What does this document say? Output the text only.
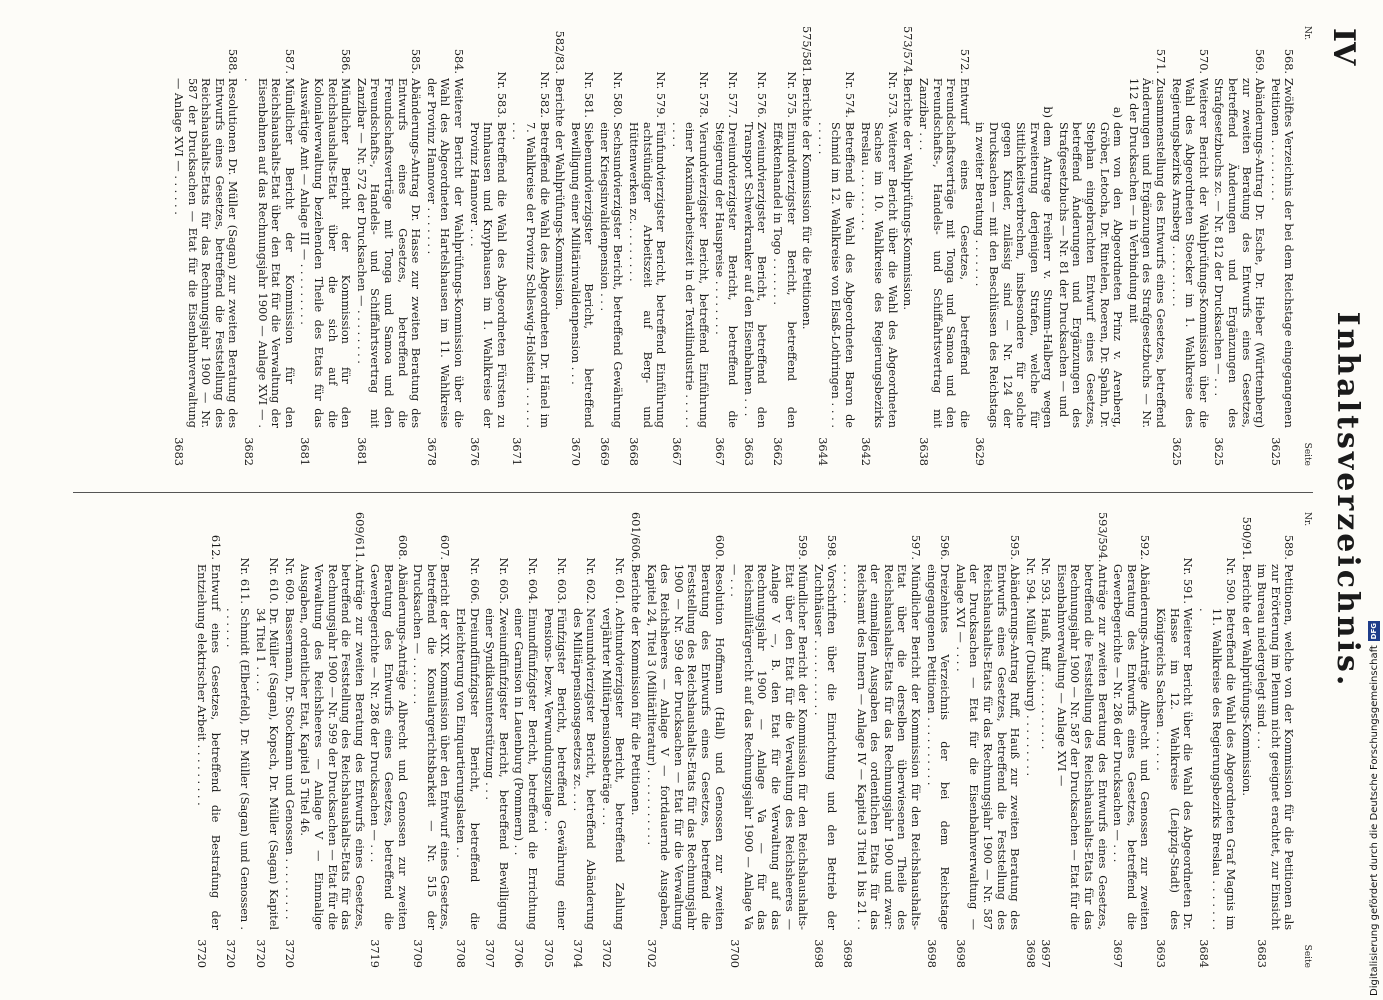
IV
Inhaltsverzeichnis.
Nr.
Seite
568.
Zwölftes Verzeichnis der bei dem Reichstage eingegangenen Petitionen . . . . . . . . .
3625
569.
Abänderungs-Antrag Dr. Esche, Dr. Hieber (Württemberg) zur zweiten Beratung des Entwurfs eines Gesetzes, betreffend Änderungen und Ergänzungen des Strafgesetzbuchs zc. — Nr. 812 der Drucksachen — . . .
3625
570.
Weiterer Bericht der Wahlprüfungs-Kommission über die Wahl des Abgeordneten Stoecker im 1. Wahlkreise des Regierungsbezirks Arnsberg . . . . . . . . .
3625
571.
Zusammenstellung des Entwurfs eines Gesetzes, betreffend Änderungen und Ergänzungen des Strafgesetzbuchs — Nr. 112 der Drucksachen — in Verbindung mit
a)
dem von den Abgeordneten Prinz v. Arenberg, Gröber, Letocha, Dr. Rintelen, Roeren, Dr. Spahn, Dr. Stephan eingebrachten Entwurf eines Gesetzes, betreffend Änderungen und Ergänzungen des Strafgesetzbuchs — Nr. 81 der Drucksachen — und
b)
dem Antrage Freiherr v. Stumm-Halberg wegen Erweiterung derjenigen Strafen, welche für Sittlichkeitsverbrechen, insbesondere für solche gegen Kinder, zulässig sind — Nr. 124 der Drucksachen — mit den Beschlüssen des Reichstags in zweiter Beratung . . . . . . .
3629
572.
Entwurf eines Gesetzes, betreffend die Freundschaftsverträge mit Tonga und Samoa und den Freundschafts-, Handels- und Schiffahrtsvertrag mit Zanzibar . . .
3638
573/574.
Berichte der Wahlprüfungs-Kommission.
Nr. 573.
Weiterer Bericht über die Wahl des Abgeordneten Sachse im 10. Wahlkreise des Regierungsbezirks Breslau . . . . . . . . .
3642
Nr. 574.
Betreffend die Wahl des Abgeordneten Baron de Schmid im 12. Wahlkreise von Elsaß-Lothringen . . . . . . . . .
3644
575/581.
Berichte der Kommission für die Petitionen.
Nr. 575.
Einundvierzigster Bericht, betreffend den Effektenhandel in Togo . . . . . . .
3662
Nr. 576.
Zweiundvierzigster Bericht, betreffend den Transport Schwerkranker auf den Eisenbahnen . . .
3663
Nr. 577.
Dreiundvierzigster Bericht, betreffend die Steigerung der Hauspreise . . . . . . . .
3667
Nr. 578.
Vierundvierzigster Bericht, betreffend Einführung einer Maximalarbeitszeit in der Textilindustrie . . . . . . . . .
3667
Nr. 579.
Fünfundvierzigster Bericht, betreffend Einführung achtstündiger Arbeitszeit auf Berg- und Hüttenwerken zc. . . . . . . . .
3668
Nr. 580.
Sechsundvierzigster Bericht, betreffend Gewährung einer Kriegsinvalidenpension . . .
3669
Nr. 581.
Siebenundvierzigster Bericht, betreffend Bewilligung einer Militärinvalidenpension . . .
3670
582/83.
Berichte der Wahlprüfungs-Kommission.
Nr. 582.
Betreffend die Wahl des Abgeordneten Dr. Hänel im 7. Wahlkreise der Provinz Schleswig-Holstein . . . . . . . . .
3671
Nr. 583.
Betreffend die Wahl des Abgeordneten Fürsten zu Innhausen und Knyphausen im 1. Wahlkreise der Provinz Hannover . . .
3676
584.
Weiterer Bericht der Wahlprüfungs-Kommission über die Wahl des Abgeordneten Hartelshausen im 11. Wahlkreise der Provinz Hannover . . . . . . .
3678
585.
Abänderungs-Antrag Dr. Hasse zur zweiten Beratung des Entwurfs eines Gesetzes, betreffend die Freundschaftsverträge mit Tonga und Samoa und den Freundschafts-, Handels- und Schiffahrtsvertrag mit Zanzibar — Nr. 572 der Drucksachen — . . . . . . . .
3681
586.
Mündlicher Bericht der Kommission für den Reichshaushalts-Etat über die sich auf die Kolonialverwaltung beziehenden Theile des Etats für das Auswärtige Amt — Anlage III — . . . . . . . . .
3681
587.
Mündlicher Bericht der Kommission für den Reichshaushalts-Etat über den Etat für die Verwaltung der Eisenbahnen auf das Rechnungsjahr 1900 — Anlage XVI — . .
3682
588.
Resolutionen Dr. Müller (Sagan) zur zweiten Beratung des Entwurfs eines Gesetzes, betreffend die Feststellung des Reichshaushalts-Etats für das Rechnungsjahr 1900 — Nr. 587 der Drucksachen — Etat für die Eisenbahnverwaltung — Anlage XVI — . . . . . .
3683
Nr.
Seite
589.
Petitionen, welche von der Kommission für die Petitionen als zur Erörterung im Plenum nicht geeignet erachtet, zur Einsicht im Bureau niedergelegt sind . . .
3683
590/91.
Berichte der Wahlprüfungs-Kommission.
Nr. 590.
Betreffend die Wahl des Abgeordneten Graf Magnis im 11. Wahlkreise des Regierungsbezirks Breslau . . . . . . . .
3684
Nr. 591.
Weiterer Bericht über die Wahl des Abgeordneten Dr. Hasse im 12. Wahlkreise (Leipzig-Stadt) des Königreichs Sachsen . . . . . .
3693
592.
Abänderungs-Anträge Albrecht und Genossen zur zweiten Beratung des Entwurfs eines Gesetzes, betreffend die Gewerbegerichte — Nr. 286 der Drucksachen — . . .
3697
593/594.
Anträge zur zweiten Beratung des Entwurfs eines Gesetzes, betreffend die Feststellung des Reichshaushalts-Etats für das Rechnungsjahr 1900 — Nr. 587 der Drucksachen — Etat für die Eisenbahnverwaltung — Anlage XVI —
Nr. 593.
Hauß, Ruff . . . . . . . . . . .
3697
Nr. 594.
Müller (Duisburg) . . . . . . . . .
3698
595.
Abänderungs-Antrag Ruff, Hauß zur zweiten Beratung des Entwurfs eines Gesetzes, betreffend die Feststellung des Reichshaushalts-Etats für das Rechnungsjahr 1900 — Nr. 587 der Drucksachen — Etat für die Eisenbahnverwaltung — Anlage XVI — . . . .
3698
596.
Dreizehntes Verzeichnis der bei dem Reichstage eingegangenen Petitionen . . . . . . . . . .
3698
597.
Mündlicher Bericht der Kommission für den Reichshaushalts-Etat über die derselben überwiesenen Theile des Reichshaushalts-Etats für das Rechnungsjahr 1900 und zwar: der einmaligen Ausgaben des ordentlichen Etats für das Reichsamt des Innern — Anlage IV — Kapitel 3 Titel 1 bis 21 . . . . . . . .
3698
598.
Vorschriften über die Einrichtung und den Betrieb der Zuchthäuser . . . . . . . . . . .
3698
599.
Mündlicher Bericht der Kommission für den Reichshaushalts-Etat über den Etat für die Verwaltung des Reichsheeres — Anlage V —, B. den Etat für die Verwaltung auf das Rechnungsjahr 1900 — Anlage Va — für das Reichsmilitärgericht auf das Rechnungsjahr 1900 — Anlage Va — . . .
3700
600.
Resolution Hoffmann (Hall) und Genossen zur zweiten Beratung des Entwurfs eines Gesetzes, betreffend die Feststellung des Reichshaushalts-Etats für das Rechnungsjahr 1900 — Nr. 599 der Drucksachen — Etat für die Verwaltung des Reichsheeres — Anlage V — fortdauernde Ausgaben, Kapitel 24, Titel 3 (Militärliteratur) . . . . . . . . . . .
3702
601/606.
Berichte der Kommission für die Petitionen.
Nr. 601.
Achtundvierzigster Bericht, betreffend Zahlung verjährter Militärpensionsbeträge . . .
3702
Nr. 602.
Neunundvierzigster Bericht, betreffend Abänderung des Militärpensionsgesetzes zc. . . .
3704
Nr. 603.
Fünfzigster Bericht, betreffend Gewährung einer Pensions- bezw. Verwundungszulage . .
3705
Nr. 604.
Einundfünfzigster Bericht, betreffend die Errichtung einer Garnison in Lauenburg (Pommern) . .
3706
Nr. 605.
Zweiundfünfzigster Bericht, betreffend Bewilligung einer Syndikatsunterstützung . . .
3707
Nr. 606.
Dreiundfünfzigster Bericht, betreffend die Erleichterung von Einquartierungslasten . .
3708
607.
Bericht der XIX. Kommission über den Entwurf eines Gesetzes, betreffend die Konsulargerichtsbarkeit — Nr. 515 der Drucksachen — . . . . . . .
3709
608.
Abänderungs-Anträge Albrecht und Genossen zur zweiten Beratung des Entwurfs eines Gesetzes, betreffend die Gewerbegerichte — Nr. 286 der Drucksachen — . . .
3719
609/611.
Anträge zur zweiten Beratung des Entwurfs eines Gesetzes, betreffend die Feststellung des Reichshaushalts-Etats für das Rechnungsjahr 1900 — Nr. 599 der Drucksachen — Etat für die Verwaltung des Reichsheeres — Anlage V — Einmalige Ausgaben, ordentlicher Etat, Kapitel 5 Titel 46.
Nr. 609.
Bassermann, Dr. Stockmann und Genossen . . . . . . . . .
3720
Nr. 610.
Dr. Müller (Sagan), Kopsch, Dr. Müller (Sagan) Kapitel 34 Titel 1 . . . .
3720
Nr. 611.
Schmidt (Elberfeld), Dr. Müller (Sagan) und Genossen . . . . . . .
3720
612.
Entwurf eines Gesetzes, betreffend die Bestrafung der Entziehung elektrischer Arbeit . . . . . . . . .
3720	Digitalisierung gefördert durch die Deutsche Forschungsgemeinschaft
DFG
